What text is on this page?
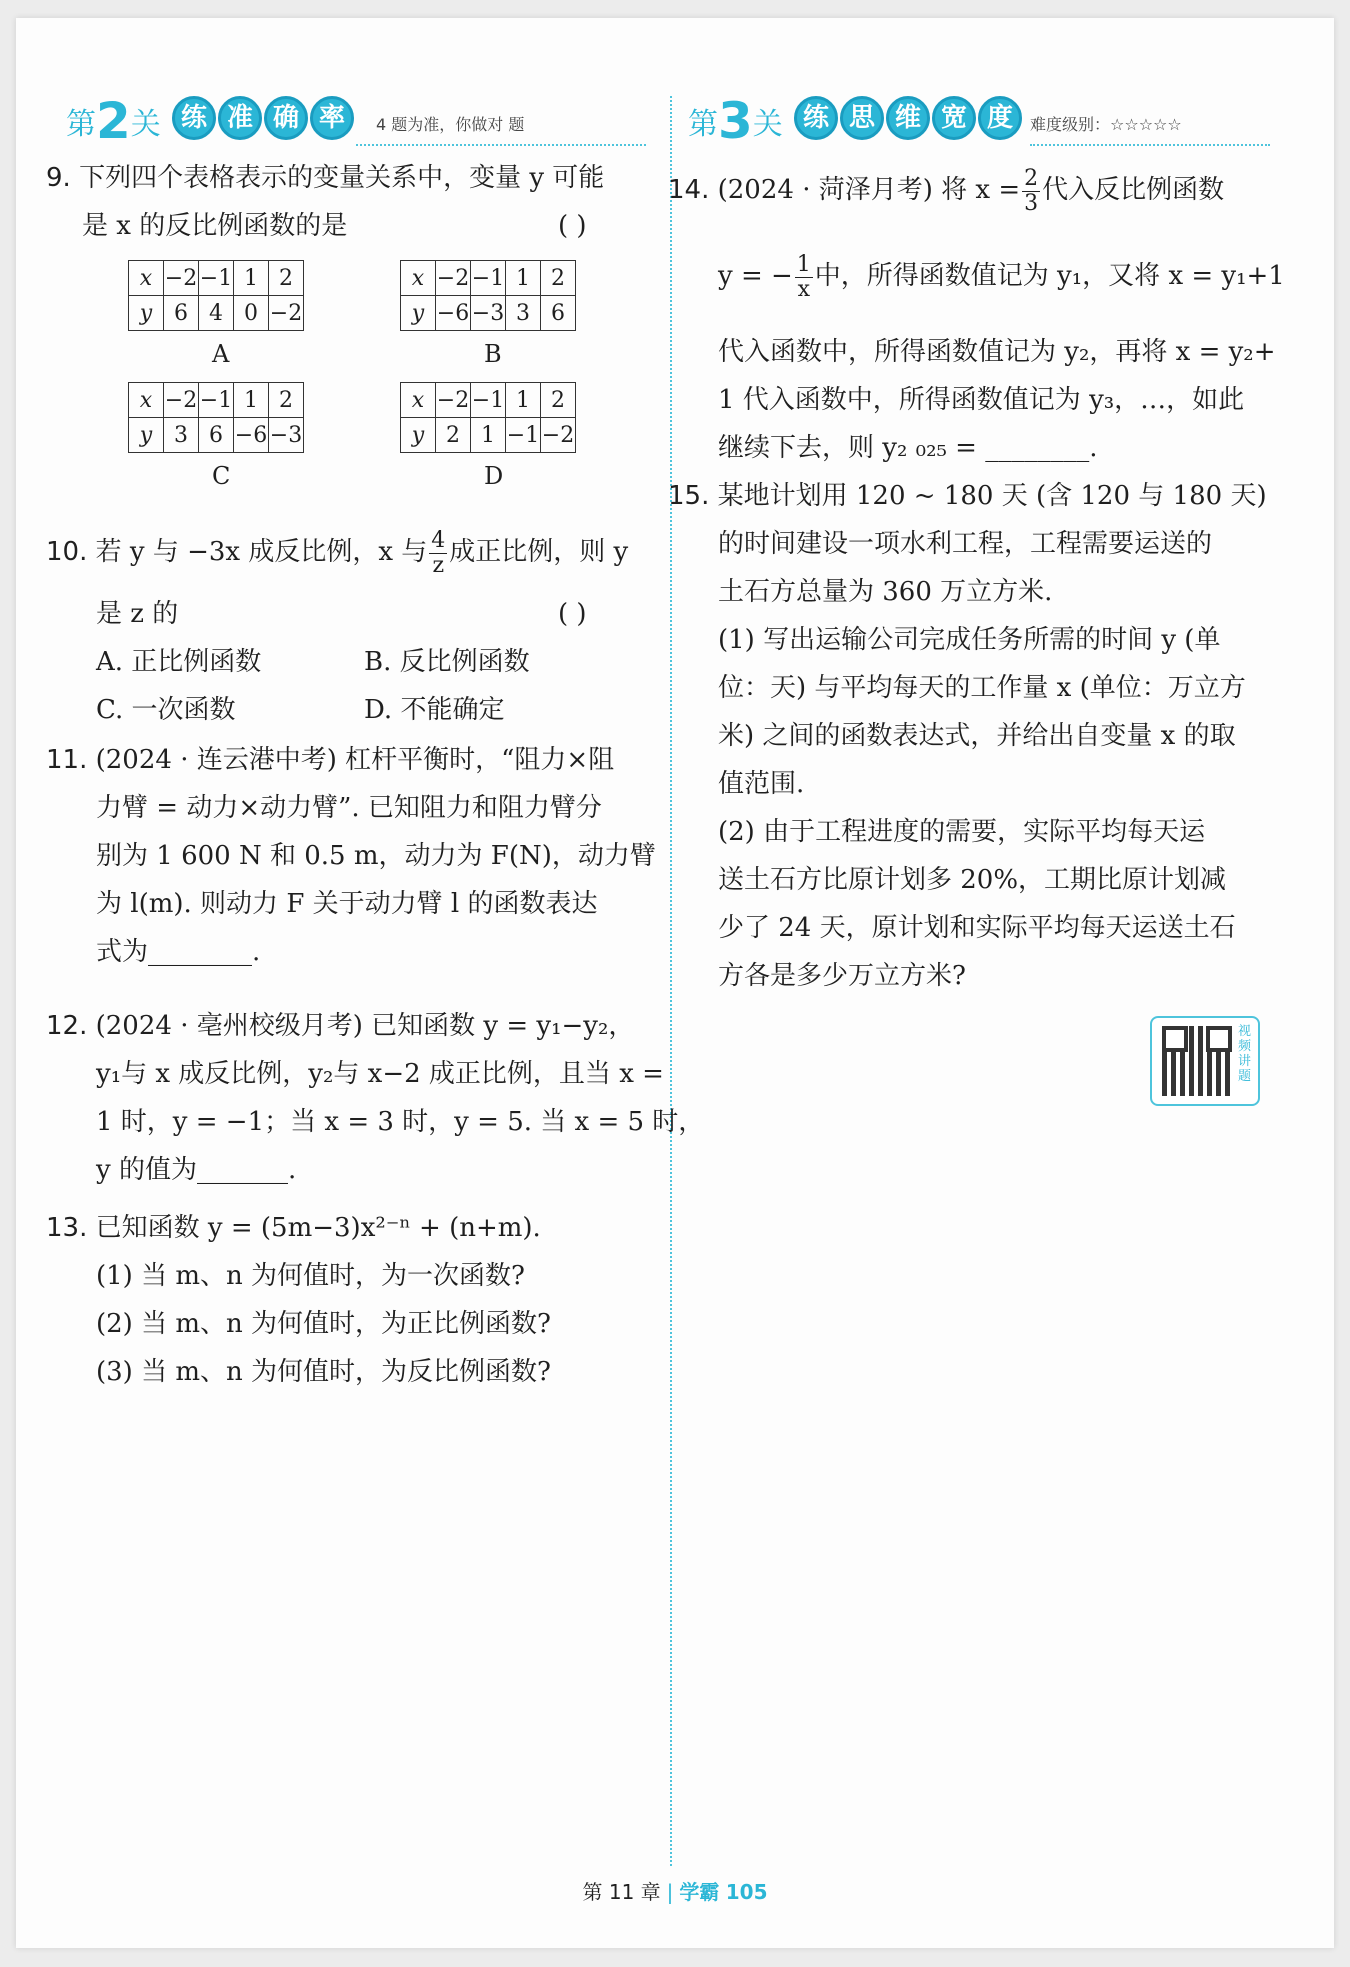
第2关 练 准 确 率	4 题为准，你做对 题	第3关 练 思 维 宽 度	难度级别：☆☆☆☆☆
9. 下列四个表格表示的变量关系中，变量 y 可能
是 x 的反比例函数的是	( )
x	−2	−1	1	2
y	6	4	0	−2
A
x	−2	−1	1	2
y	−6	−3	3	6
B
x	−2	−1	1	2
y	3	6	−6	−3
C
x	−2	−1	1	2
y	2	1	−1	−2
D
10. 若 y 与 −3x 成反比例，x 与 $\frac{4}{z}$ 成正比例，则 y
是 z 的	( )
A. 正比例函数	B. 反比例函数
C. 一次函数	D. 不能确定
11. (2024 · 连云港中考) 杠杆平衡时，“阻力×阻
力臂 = 动力×动力臂”. 已知阻力和阻力臂分
别为 1 600 N 和 0.5 m，动力为 F(N)，动力臂
为 l(m). 则动力 F 关于动力臂 l 的函数表达
式为________.
12. (2024 · 亳州校级月考) 已知函数 y = y₁−y₂，
y₁与 x 成反比例，y₂与 x−2 成正比例，且当 x =
1 时，y = −1；当 x = 3 时，y = 5. 当 x = 5 时，
y 的值为_______.
13. 已知函数 y = (5m−3)x²⁻ⁿ + (n+m).
(1) 当 m、n 为何值时，为一次函数?
(2) 当 m、n 为何值时，为正比例函数?
(3) 当 m、n 为何值时，为反比例函数?
14. (2024 · 菏泽月考) 将 $x = \frac{2}{3}$ 代入反比例函数
y = − $\frac{1}{x}$ 中，所得函数值记为 y₁，又将 x = y₁+1
代入函数中，所得函数值记为 y₂，再将 x = y₂+
1 代入函数中，所得函数值记为 y₃，…，如此
继续下去，则 y₂ ₀₂₅ = ________.
15. 某地计划用 120 ~ 180 天 (含 120 与 180 天)
的时间建设一项水利工程，工程需要运送的
土石方总量为 360 万立方米.
(1) 写出运输公司完成任务所需的时间 y (单
位：天) 与平均每天的工作量 x (单位：万立方
米) 之间的函数表达式，并给出自变量 x 的取
值范围.
(2) 由于工程进度的需要，实际平均每天运
送土石方比原计划多 20%，工期比原计划减
少了 24 天，原计划和实际平均每天运送土石
方各是多少万立方米?
视频讲题
第 11 章 | 学霸 105
